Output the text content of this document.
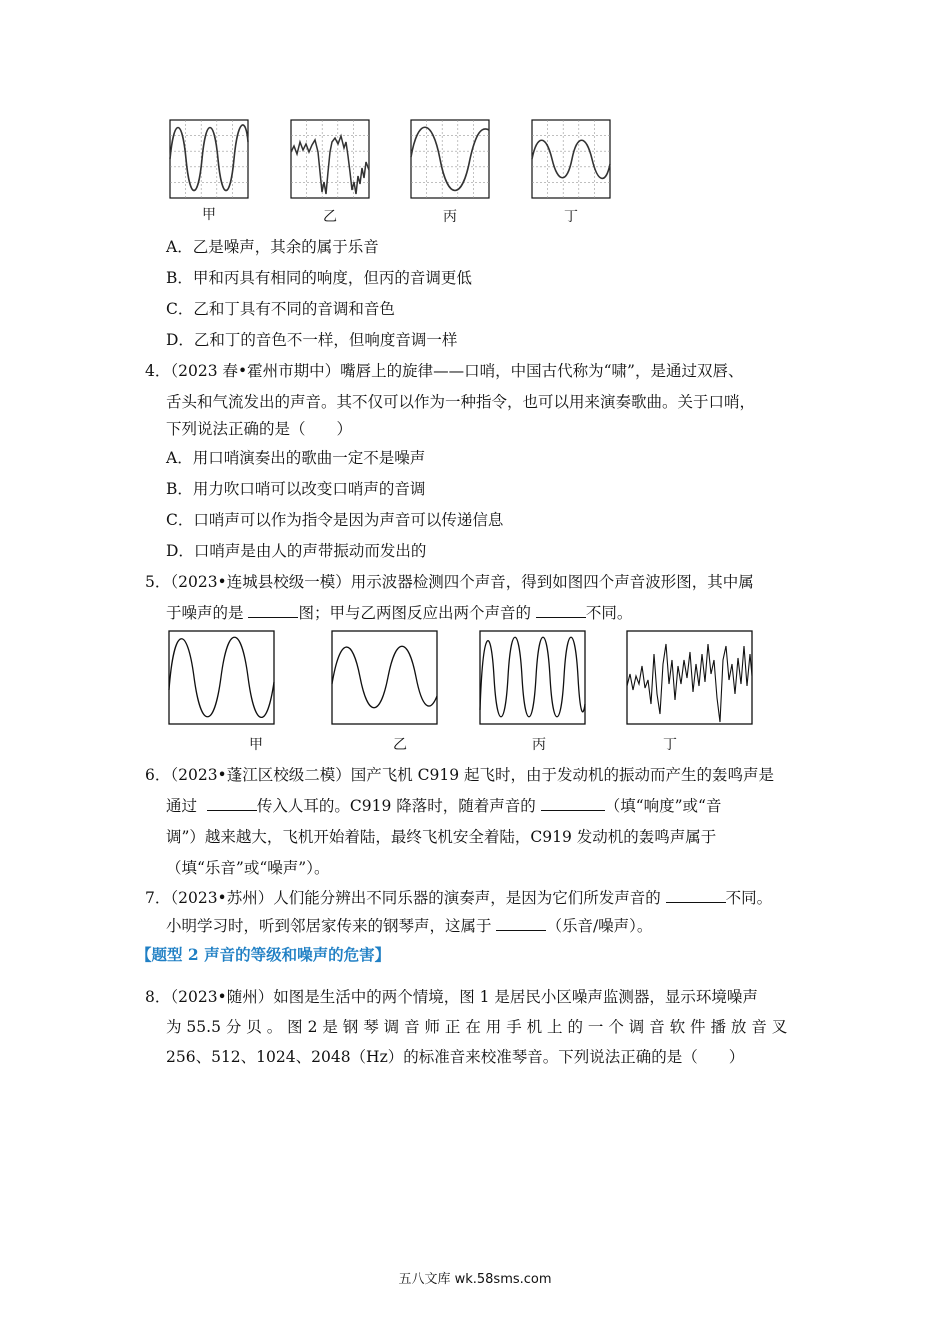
甲	乙	丙	丁
A．乙是噪声，其余的属于乐音
B．甲和丙具有相同的响度，但丙的音调更低
C．乙和丁具有不同的音调和音色
D．乙和丁的音色不一样，但响度音调一样
4．（2023 春•霍州市期中）嘴唇上的旋律——口哨，中国古代称为“啸”，是通过双唇、
舌头和气流发出的声音。其不仅可以作为一种指令，也可以用来演奏歌曲。关于口哨，
下列说法正确的是（　　）
A．用口哨演奏出的歌曲一定不是噪声
B．用力吹口哨可以改变口哨声的音调
C．口哨声可以作为指令是因为声音可以传递信息
D．口哨声是由人的声带振动而发出的
5．（2023•连城县校级一模）用示波器检测四个声音，得到如图四个声音波形图，其中属
于噪声的是	图；甲与乙两图反应出两个声音的	不同。
甲	乙	丙	丁
6．（2023•蓬江区校级二模）国产飞机 C919 起飞时，由于发动机的振动而产生的轰鸣声是
通过	传入人耳的。C919 降落时，随着声音的	（填“响度”或“音
调”）越来越大，飞机开始着陆，最终飞机安全着陆，C919 发动机的轰鸣声属于
（填“乐音”或“噪声”）。
7．（2023•苏州）人们能分辨出不同乐器的演奏声，是因为它们所发声音的	不同。
小明学习时，听到邻居家传来的钢琴声，这属于	（乐音/噪声）。
【题型 2 声音的等级和噪声的危害】
8．（2023•随州）如图是生活中的两个情境，图 1 是居民小区噪声监测器，显示环境噪声
为 55.5 分 贝 。 图 2 是 钢 琴 调 音 师 正 在 用 手 机 上 的 一 个 调 音 软 件 播 放 音 叉
256、512、1024、2048（Hz）的标准音来校准琴音。下列说法正确的是（　　）
五八文库 wk.58sms.com
